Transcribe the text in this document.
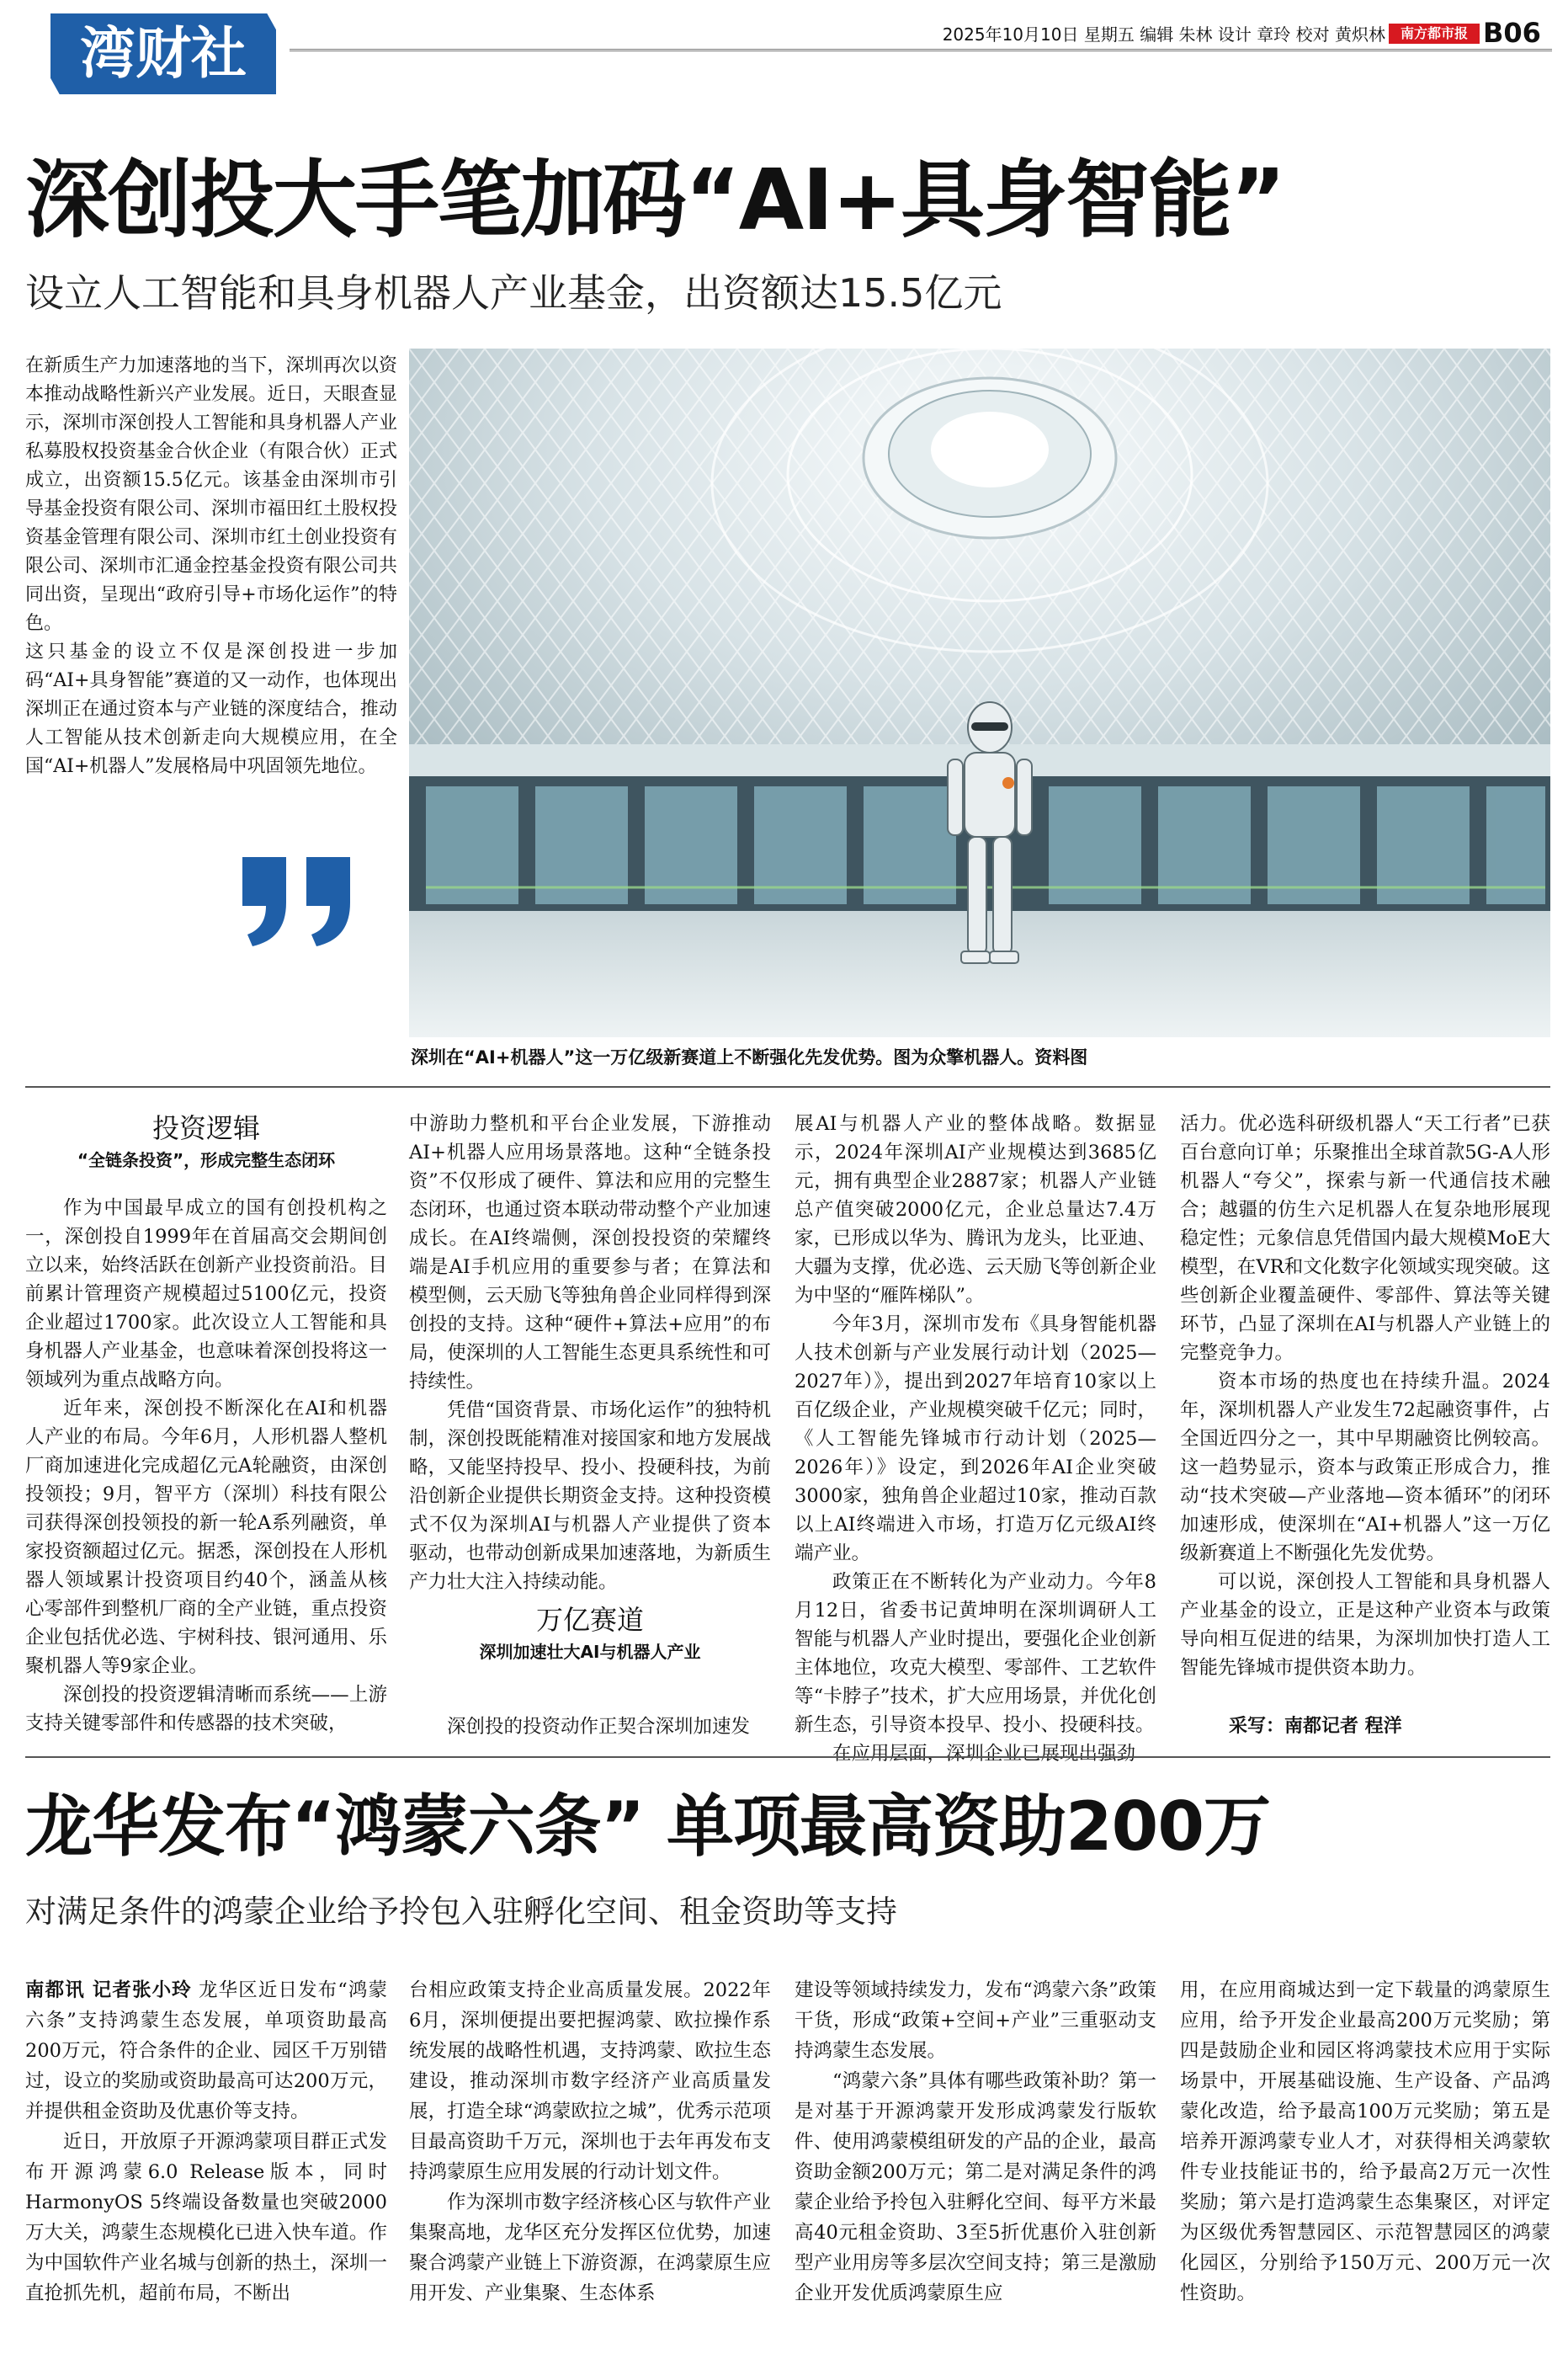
湾财社	2025年10月10日 星期五 编辑 朱林 设计 章玲 校对 黄炽林	南方都市报 B06
深创投大手笔加码“AI+具身智能”
设立人工智能和具身机器人产业基金，出资额达15.5亿元

在新质生产力加速落地的当下，深圳再次以资本推动战略性新兴产业发展。近日，天眼查显示，深圳市深创投人工智能和具身机器人产业私募股权投资基金合伙企业（有限合伙）正式成立，出资额15.5亿元。该基金由深圳市引导基金投资有限公司、深圳市福田红土股权投资基金管理有限公司、深圳市红土创业投资有限公司、深圳市汇通金控基金投资有限公司共同出资，呈现出“政府引导+市场化运作”的特色。

这只基金的设立不仅是深创投进一步加码“AI+具身智能”赛道的又一动作，也体现出深圳正在通过资本与产业链的深度结合，推动人工智能从技术创新走向大规模应用，在全国“AI+机器人”发展格局中巩固领先地位。

深圳在“AI+机器人”这一万亿级新赛道上不断强化先发优势。图为众擎机器人。资料图
投资逻辑
“全链条投资”，形成完整生态闭环

作为中国最早成立的国有创投机构之一，深创投自1999年在首届高交会期间创立以来，始终活跃在创新产业投资前沿。目前累计管理资产规模超过5100亿元，投资企业超过1700家。此次设立人工智能和具身机器人产业基金，也意味着深创投将这一领域列为重点战略方向。

近年来，深创投不断深化在AI和机器人产业的布局。今年6月，人形机器人整机厂商加速进化完成超亿元A轮融资，由深创投领投；9月，智平方（深圳）科技有限公司获得深创投领投的新一轮A系列融资，单家投资额超过亿元。据悉，深创投在人形机器人领域累计投资项目约40个，涵盖从核心零部件到整机厂商的全产业链，重点投资企业包括优必选、宇树科技、银河通用、乐聚机器人等9家企业。

深创投的投资逻辑清晰而系统——上游支持关键零部件和传感器的技术突破，

中游助力整机和平台企业发展，下游推动AI+机器人应用场景落地。这种“全链条投资”不仅形成了硬件、算法和应用的完整生态闭环，也通过资本联动带动整个产业加速成长。在AI终端侧，深创投投资的荣耀终端是AI手机应用的重要参与者；在算法和模型侧，云天励飞等独角兽企业同样得到深创投的支持。这种“硬件+算法+应用”的布局，使深圳的人工智能生态更具系统性和可持续性。

凭借“国资背景、市场化运作”的独特机制，深创投既能精准对接国家和地方发展战略，又能坚持投早、投小、投硬科技，为前沿创新企业提供长期资金支持。这种投资模式不仅为深圳AI与机器人产业提供了资本驱动，也带动创新成果加速落地，为新质生产力壮大注入持续动能。

万亿赛道
深圳加速壮大AI与机器人产业

深创投的投资动作正契合深圳加速发

展AI与机器人产业的整体战略。数据显示，2024年深圳AI产业规模达到3685亿元，拥有典型企业2887家；机器人产业链总产值突破2000亿元，企业总量达7.4万家，已形成以华为、腾讯为龙头，比亚迪、大疆为支撑，优必选、云天励飞等创新企业为中坚的“雁阵梯队”。

今年3月，深圳市发布《具身智能机器人技术创新与产业发展行动计划（2025—2027年）》，提出到2027年培育10家以上百亿级企业，产业规模突破千亿元；同时，《人工智能先锋城市行动计划（2025—2026年）》设定，到2026年AI企业突破3000家，独角兽企业超过10家，推动百款以上AI终端进入市场，打造万亿元级AI终端产业。

政策正在不断转化为产业动力。今年8月12日，省委书记黄坤明在深圳调研人工智能与机器人产业时提出，要强化企业创新主体地位，攻克大模型、零部件、工艺软件等“卡脖子”技术，扩大应用场景，并优化创新生态，引导资本投早、投小、投硬科技。

在应用层面，深圳企业已展现出强劲

活力。优必选科研级机器人“天工行者”已获百台意向订单；乐聚推出全球首款5G-A人形机器人“夸父”，探索与新一代通信技术融合；越疆的仿生六足机器人在复杂地形展现稳定性；元象信息凭借国内最大规模MoE大模型，在VR和文化数字化领域实现突破。这些创新企业覆盖硬件、零部件、算法等关键环节，凸显了深圳在AI与机器人产业链上的完整竞争力。

资本市场的热度也在持续升温。2024年，深圳机器人产业发生72起融资事件，占全国近四分之一，其中早期融资比例较高。这一趋势显示，资本与政策正形成合力，推动“技术突破—产业落地—资本循环”的闭环加速形成，使深圳在“AI+机器人”这一万亿级新赛道上不断强化先发优势。

可以说，深创投人工智能和具身机器人产业基金的设立，正是这种产业资本与政策导向相互促进的结果，为深圳加快打造人工智能先锋城市提供资本助力。

采写：南都记者 程洋
龙华发布“鸿蒙六条” 单项最高资助200万
对满足条件的鸿蒙企业给予拎包入驻孵化空间、租金资助等支持

南都讯 记者张小玲 龙华区近日发布“鸿蒙六条”支持鸿蒙生态发展，单项资助最高200万元，符合条件的企业、园区千万别错过，设立的奖励或资助最高可达200万元，并提供租金资助及优惠价等支持。

近日，开放原子开源鸿蒙项目群正式发布开源鸿蒙6.0 Release版本，同时HarmonyOS 5终端设备数量也突破2000万大关，鸿蒙生态规模化已进入快车道。作为中国软件产业名城与创新的热土，深圳一直抢抓先机，超前布局，不断出

台相应政策支持企业高质量发展。2022年6月，深圳便提出要把握鸿蒙、欧拉操作系统发展的战略性机遇，支持鸿蒙、欧拉生态建设，推动深圳市数字经济产业高质量发展，打造全球“鸿蒙欧拉之城”，优秀示范项目最高资助千万元，深圳也于去年再发布支持鸿蒙原生应用发展的行动计划文件。

作为深圳市数字经济核心区与软件产业集聚高地，龙华区充分发挥区位优势，加速聚合鸿蒙产业链上下游资源，在鸿蒙原生应用开发、产业集聚、生态体系

建设等领域持续发力，发布“鸿蒙六条”政策干货，形成“政策+空间+产业”三重驱动支持鸿蒙生态发展。

“鸿蒙六条”具体有哪些政策补助？第一是对基于开源鸿蒙开发形成鸿蒙发行版软件、使用鸿蒙模组研发的产品的企业，最高资助金额200万元；第二是对满足条件的鸿蒙企业给予拎包入驻孵化空间、每平方米最高40元租金资助、3至5折优惠价入驻创新型产业用房等多层次空间支持；第三是激励企业开发优质鸿蒙原生应

用，在应用商城达到一定下载量的鸿蒙原生应用，给予开发企业最高200万元奖励；第四是鼓励企业和园区将鸿蒙技术应用于实际场景中，开展基础设施、生产设备、产品鸿蒙化改造，给予最高100万元奖励；第五是培养开源鸿蒙专业人才，对获得相关鸿蒙软件专业技能证书的，给予最高2万元一次性奖励；第六是打造鸿蒙生态集聚区，对评定为区级优秀智慧园区、示范智慧园区的鸿蒙化园区，分别给予150万元、200万元一次性资助。
